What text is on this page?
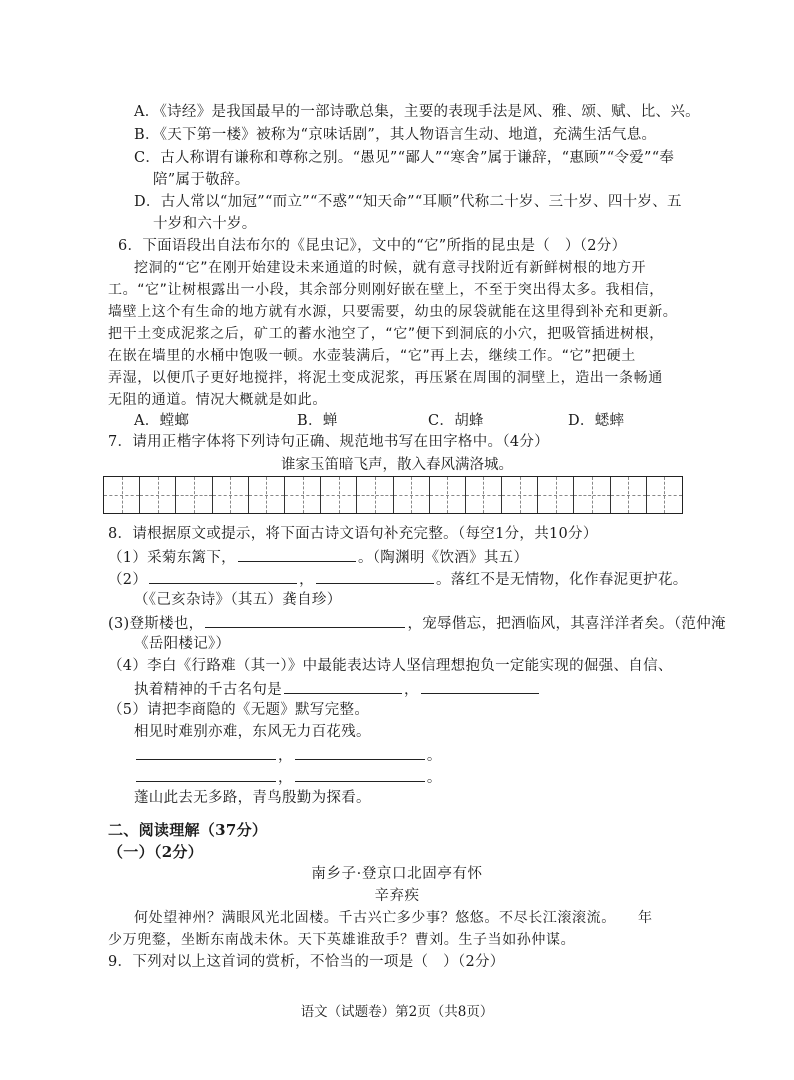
A．《诗经》是我国最早的一部诗歌总集，主要的表现手法是风、雅、颂、赋、比、兴。
B．《天下第一楼》被称为“京味话剧”，其人物语言生动、地道，充满生活气息。
C．古人称谓有谦称和尊称之别。“愚见”“鄙人”“寒舍”属于谦辞，“惠顾”“令爱”“奉
陪”属于敬辞。
D．古人常以“加冠”“而立”“不惑”“知天命”“耳顺”代称二十岁、三十岁、四十岁、五
十岁和六十岁。
6．下面语段出自法布尔的《昆虫记》，文中的“它”所指的昆虫是（　）（2分）
挖洞的“它”在刚开始建设未来通道的时候，就有意寻找附近有新鲜树根的地方开
工。“它”让树根露出一小段，其余部分则刚好嵌在壁上，不至于突出得太多。我相信，
墙壁上这个有生命的地方就有水源，只要需要，幼虫的尿袋就能在这里得到补充和更新。
把干土变成泥浆之后，矿工的蓄水池空了，“它”便下到洞底的小穴，把吸管插进树根，
在嵌在墙里的水桶中饱吸一顿。水壶装满后，“它”再上去，继续工作。“它”把硬土
弄湿，以便爪子更好地搅拌，将泥土变成泥浆，再压紧在周围的洞壁上，造出一条畅通
无阻的通道。情况大概就是如此。
A．螳螂	B．蝉	C．胡蜂	D．蟋蟀
7．请用正楷字体将下列诗句正确、规范地书写在田字格中。（4分）
谁家玉笛暗飞声，散入春风满洛城。
8．请根据原文或提示，将下面古诗文语句补充完整。（每空1分，共10分）
（1）采菊东篱下，	。（陶渊明《饮酒》其五）
（2）	，	。落红不是无情物，化作春泥更护花。
（《己亥杂诗》（其五）龚自珍）
(3)登斯楼也，	，宠辱偕忘，把酒临风，其喜洋洋者矣。（范仲淹
《岳阳楼记》）
（4）李白《行路难（其一）》中最能表达诗人坚信理想抱负一定能实现的倔强、自信、
执着精神的千古名句是	，
（5）请把李商隐的《无题》默写完整。
相见时难别亦难，东风无力百花残。
，	。
，	。
蓬山此去无多路，青鸟殷勤为探看。
二、阅读理解（37分）
（一）（2分）
南乡子·登京口北固亭有怀
辛弃疾
何处望神州？满眼风光北固楼。千古兴亡多少事？悠悠。不尽长江滚滚流。　　年
少万兜鍪，坐断东南战未休。天下英雄谁敌手？曹刘。生子当如孙仲谋。
9．下列对以上这首词的赏析，不恰当的一项是（　）（2分）
语文（试题卷）第2页（共8页）
